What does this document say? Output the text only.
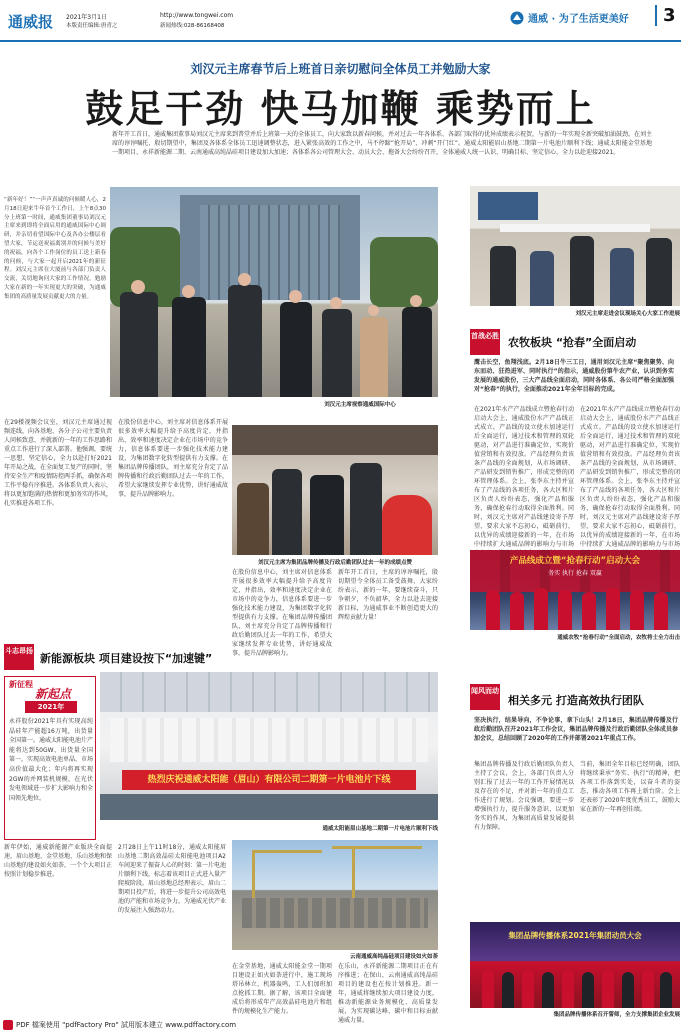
通威报 2021年3月1日
本版责任编辑:唐青之
http://www.tongwei.com
新闻热线:028-86168408
通威 · 为了生活更美好	3
刘汉元主席春节后上班首日亲切慰问全体员工并勉励大家
鼓足干劲 快马加鞭 乘势而上
新年开工首日，通威集团董事局刘汉元主席来到普堂并后上班第一天的全体员工，向大家致以新春问候，并对过去一年各体系、各部门取得的优异成绩表示祝贺，与新的一年实现全新突破加油鼓劲。在刘主席的谆谆嘱托、殷切期望中，集团及各体系全体员工迅速调整状态，进入紧张高效的工作之中，马不停蹄“抢开局”、冲刺“开门红”。通威太阳能眉山基地二期第一片电池片顺利下线；通威太阳能金堂基地一期项目、永祥新能源二期、云南通威高纯晶硅项目建设加大加速；各体系各公司管理大会、动员大会、拖备大会纷纷召开，全体通威人统一认识、明确目标、坚定信心，全力以赴迎接2021。
“新年好！”“一声声真诚的问候暖人心，2月18日迎来牛年首个工作日，上午8点30分上班第一时间，通威集团董事局刘汉元主席来到即将全面启用的通威国际中心调研，并亲切看望国际中心及各办公楼层看望大家，节运送祝福离别并的问候与美好的祝福，向各个工作岗位的员工送上新春的问候，与大家一起开启2021年的新征程。刘汉元主席在大厦前与各部门负责人交流，关切地询问大家的工作情况，勉励大家在新的一年实现更大的突破，为通威集团的高质量发展贡献更大的力量。
刘汉元主席视察通威国际中心
刘汉元主席走进会议现场关心大家工作进展
首战必胜 农牧板块 “抢春”全面启动
鹰击长空，鱼翔浅底。2月18日牛三工日，通用刘汉元主席“聚焦聚势、向东而动、狂热进军、同时执行”的指示，通威股份第牛农产业，认识到务实发展的通威股份，三大产品线全面启动，同时各体系、各公司严格全面加强对“抢春”的执行，全面推动2021年全年目标的完成。
在2021年水产产品线成立暨抢春行动启动大会上，通威股份水产产品线正式成立。产品线的设立使水加速运行后全面运行，通过技术和管理的双轮驱动，对产品进行准确定位，实现价值营销和有效投放。产品经理负责该条产品线的全面规划，从市场调研、产品研发到销售推广，形成完整的闭环管理体系。会上，张李东主持并宣布了产品线的各项任务，各大区和片区负责人纷纷表态，强化产品和服务，确保抢春行动取得全面胜利。同时，刘汉元主席对产品线建设寄予厚望，要求大家不忘初心，砥砺前行，以优异的成绩迎接新的一年，在市场中持续扩大通威品牌的影响力与市场
在2021年水产产品线成立暨抢春行动启动大会上，通威股份水产产品线正式成立。产品线的设立使水加速运行后全面运行，通过技术和管理的双轮驱动，对产品进行准确定位，实现价值营销和有效投放。产品经理负责该条产品线的全面规划，从市场调研、产品研发到销售推广，形成完整的闭环管理体系。会上，张李东主持并宣布了产品线的各项任务，各大区和片区负责人纷纷表态，强化产品和服务，确保抢春行动取得全面胜利。同时，刘汉元主席对产品线建设寄予厚望，要求大家不忘初心，砥砺前行，以优异的成绩迎接新的一年，在市场中持续扩大通威品牌的影响力与市场
产品线成立暨“抢春行动”启动大会
务实 执行 抢春 双赢
通威农牧“抢春行动”全面启动，农牧将士全力出击
在29楼视频会议室，刘汉元主席通过视频连线，向各基地、各分子公司主要负责人问候致意，并就新的一年的工作思路和重点工作进行了深入部署。他强调，要统一思想、坚定信心，全力以赴打好2021年开局之战，在全面复工复产的同时，坚持安全生产和疫情防控两手抓，确保各项工作平稳有序推进。各体系负责人表示，将以更加饱满的热情和更加务实的作风，扎实推进各项工作。
在股份信息中心，刘主席对信息体系开展很多效率大幅提升给予高度肯定，并指出，效率和速度决定企业在市场中的竞争力，信息体系要进一步强化技术能力建设，为集团数字化转型提供有力支撑。在集团品牌传播团队，刘主席充分肯定了品牌传播和行政后勤团队过去一年的工作，希望大家继续发挥专业优势，讲好通威故事，提升品牌影响力。
刘汉元主席为集团品牌传播及行政后勤团队过去一年的成绩点赞
在股份信息中心，刘主席对信息体系开展很多效率大幅提升给予高度肯定，并指出，效率和速度决定企业在市场中的竞争力，信息体系要进一步强化技术能力建设，为集团数字化转型提供有力支撑。在集团品牌传播团队，刘主席充分肯定了品牌传播和行政后勤团队过去一年的工作，希望大家继续发挥专业优势，讲好通威故事，提升品牌影响力。
新年开工首日，主席的谆谆嘱托，殷切期望令全体员工备受鼓舞，大家纷纷表示，新的一年，要继续奋斗，只争朝夕，不负韶华，全力以赴去迎接新目标，为通威事业不断创造更大的辉煌贡献力量！
斗志昂扬
新能源板块 项目建设按下“加速键”
新征程
新起点
2021年
永祥股份2021年具有实现高纯晶硅年产能超16万吨，出货量全国第一。通威太阳能电池片产能将达到50GW，出货量全国第一，实现高效电池单晶、市场高价值最大化；年内将再实现2GW的并网装机规模，在光伏发电领域进一步扩大影响力和全国领先地位。
热烈庆祝通威太阳能（眉山）有限公司二期第一片电池片下线
通威太阳能眉山基地二期第一片电池片顺利下线
新年伊始，通威新能源产业版块全面提速，眉山基地、金堂基地、乐山基地和保山基地的建设如火如荼，一个个大项目正按照计划稳步推进。
2月28日上午11时18分，通威太阳能眉山基地二期高效晶硅太阳能电池项目A2车间迎来了振奋人心的时刻：第一片电池片顺利下线，标志着该项目正式进入量产爬坡阶段。眉山基地总经理表示，眉山二期项目投产后，将进一步提升公司高效电池的产能和市场竞争力，为通威光伏产业的发展注入强劲动力。
云南通威高纯晶硅项目建设如火如荼
在金堂基地，通威太阳能金堂一期项目建设正如火如荼进行中，施工现场塔吊林立、机器轰鸣，工人们加班加点抢抓工期。据了解，该项目全面建成后将形成年产高效晶硅电池片和组件的规模化生产能力。
在乐山，永祥新能源二期项目正在有序推进；在保山，云南通威高纯晶硅项目的建设也在按计划推进。新一年，通威将继续加大项目建设力度，推动新能源业务规模化、高质量发展，为实现碳达峰、碳中和目标贡献通威力量。
闻风而动
相关多元 打造高效执行团队
坚决执行，结果导向，不争论事，拿下山头！2月18日，集团品牌传播及行政后勤团队召开2021年工作会议，集团品牌传播及行政后勤团队全体成员参加会议，总结回顾了2020年的工作并部署2021年重点工作。
集团品牌传播及行政后勤团队负责人主持了会议，会上，各部门负责人分别汇报了过去一年的工作开展情况以及存在的不足，并对新一年的重点工作进行了规划。会议强调，要进一步增强执行力，提升服务意识，以更加务实的作风，为集团高质量发展提供有力保障。
当前，集团全年目标已经明确，团队将继续秉承“务实、执行”的精神，把各项工作落到实处，以奋斗者的姿态，推动各项工作再上新台阶。会上还表彰了2020年度优秀员工，鼓励大家在新的一年再创佳绩。
集团品牌传播体系2021年集团动员大会
集团品牌传播体系召开誓师，全力支撑集团企业发展
PDF 檔案使用 "pdfFactory Pro" 試用版本建立 www.pdffactory.com
